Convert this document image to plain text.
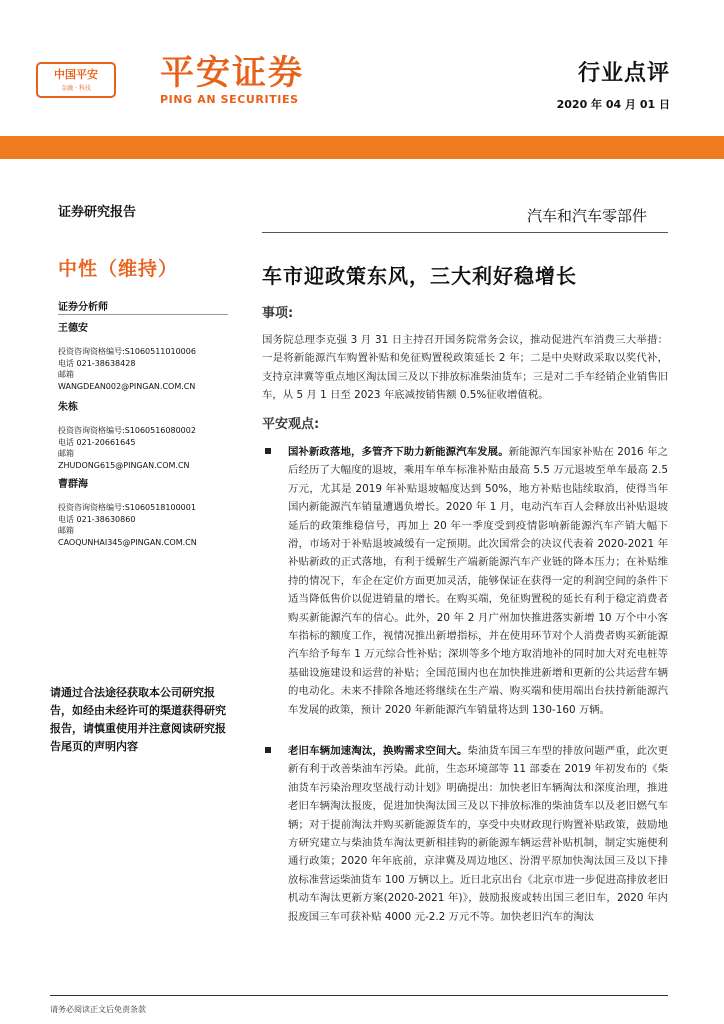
中国平安
金融 · 科技	平安证券
PING AN SECURITIES
行业点评
2020 年 04 月 01 日
证券研究报告
中性（维持）
证券分析师
王德安
投资咨询资格编号:S1060511010006
电话 021-38638428
邮箱
WANGDEAN002@PINGAN.COM.CN
朱栋
投资咨询资格编号:S1060516080002
电话 021-20661645
邮箱
ZHUDONG615@PINGAN.COM.CN
曹群海
投资咨询资格编号:S1060518100001
电话 021-38630860
邮箱
CAOQUNHAI345@PINGAN.COM.CN
请通过合法途径获取本公司研究报告，如经由未经许可的渠道获得研究报告，请慎重使用并注意阅读研究报告尾页的声明内容
汽车和汽车零部件
车市迎政策东风，三大利好稳增长
事项:
国务院总理李克强 3 月 31 日主持召开国务院常务会议，推动促进汽车消费三大举措：一是将新能源汽车购置补贴和免征购置税政策延长 2 年；二是中央财政采取以奖代补，支持京津冀等重点地区淘汰国三及以下排放标准柴油货车；三是对二手车经销企业销售旧车，从 5 月 1 日至 2023 年底减按销售额 0.5%征收增值税。
平安观点:
国补新政落地，多管齐下助力新能源汽车发展。新能源汽车国家补贴在 2016 年之后经历了大幅度的退坡，乘用车单车标准补贴由最高 5.5 万元退坡至单车最高 2.5 万元，尤其是 2019 年补贴退坡幅度达到 50%，地方补贴也陆续取消，使得当年国内新能源汽车销量遭遇负增长。2020 年 1 月，电动汽车百人会释放出补贴退坡延后的政策维稳信号，再加上 20 年一季度受到疫情影响新能源汽车产销大幅下滑，市场对于补贴退坡减缓有一定预期。此次国常会的决议代表着 2020-2021 年补贴新政的正式落地，有利于缓解生产端新能源汽车产业链的降本压力；在补贴维持的情况下，车企在定价方面更加灵活，能够保证在获得一定的利润空间的条件下适当降低售价以促进销量的增长。在购买端，免征购置税的延长有利于稳定消费者购买新能源汽车的信心。此外，20 年 2 月广州加快推进落实新增 10 万个中小客车指标的额度工作，视情况推出新增指标，并在使用环节对个人消费者购买新能源汽车给予每车 1 万元综合性补贴；深圳等多个地方取消地补的同时加大对充电桩等基础设施建设和运营的补贴；全国范围内也在加快推进新增和更新的公共运营车辆的电动化。未来不排除各地还将继续在生产端、购买端和使用端出台扶持新能源汽车发展的政策，预计 2020 年新能源汽车销量将达到 130-160 万辆。
老旧车辆加速淘汰，换购需求空间大。柴油货车国三车型的排放问题严重，此次更新有利于改善柴油车污染。此前，生态环境部等 11 部委在 2019 年初发布的《柴油货车污染治理攻坚战行动计划》明确提出：加快老旧车辆淘汰和深度治理，推进老旧车辆淘汰报废，促进加快淘汰国三及以下排放标准的柴油货车以及老旧燃气车辆；对于提前淘汰并购买新能源货车的，享受中央财政现行购置补贴政策，鼓励地方研究建立与柴油货车淘汰更新相挂钩的新能源车辆运营补贴机制，制定实施便利通行政策；2020 年年底前，京津冀及周边地区、汾渭平原加快淘汰国三及以下排放标准营运柴油货车 100 万辆以上。近日北京出台《北京市进一步促进高排放老旧机动车淘汰更新方案(2020-2021 年)》，鼓励报废或转出国三老旧车，2020 年内报废国三车可获补贴 4000 元-2.2 万元不等。加快老旧汽车的淘汰
请务必阅读正文后免责条款
